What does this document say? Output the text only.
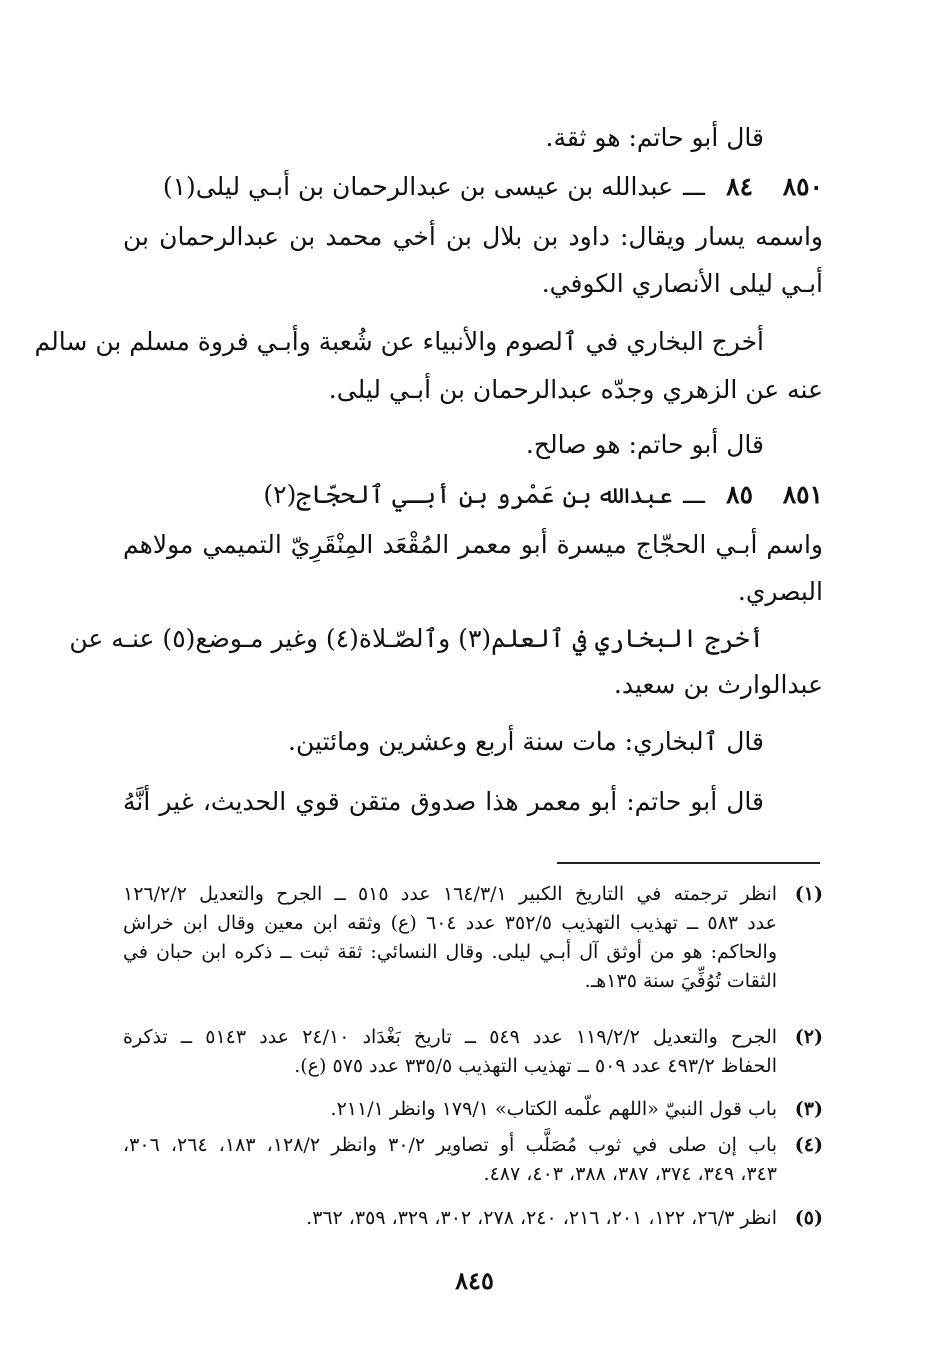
قال أبو حاتم: هو ثقة.
٨٥٠
٨٤
ـــ
عبدالله بن عيسى بن عبدالرحمان بن أبـي ليلى(١)
واسمه يسار ويقال: داود بن بلال بن أخي محمد بن عبدالرحمان بن
أبـي ليلى الأنصاري الكوفي.
أخرج البخاري في ٱلصوم والأنبياء عن شُعبة وأبـي فروة مسلم بن سالم
عنه عن الزهري وجدّه عبدالرحمان بن أبـي ليلى.
قال أبو حاتم: هو صالح.
٨٥١
٨٥
ـــ
عبدالله بن عَمْرو بن أبـي ٱلحجّاج(٢)
واسم أبـي الحجّاج ميسرة أبو معمر المُقْعَد المِنْقَرِيّ التميمي مولاهم
البصري.
أخرج البخاري في ٱلعلم(٣) وٱلصّـلاة(٤) وغير مـوضع(٥) عنـه عن
عبدالوارث بن سعيد.
قال ٱلبخاري: مات سنة أربع وعشرين ومائتين.
قال أبو حاتم: أبو معمر هذا صدوق متقن قوي الحديث، غير أنَّهُ
(١)
انظر ترجمته في التاريخ الكبير ١٦٤/٣/١ عدد ٥١٥ ــ الجرح والتعديل ١٢٦/٢/٢
عدد ٥٨٣ ــ تهذيب التهذيب ٣٥٢/٥ عدد ٦٠٤ (ع) وثقه ابن معين وقال ابن خراش
والحاكم: هو من أوثق آل أبـي ليلى. وقال النسائي: ثقة ثبت ــ ذكره ابن حبان في
الثقات تُوُفِّيَ سنة ١٣٥هـ.
(٢)
الجرح والتعديل ١١٩/٢/٢ عدد ٥٤٩ ــ تاريخ بَغْدَاد ٢٤/١٠ عدد ٥١٤٣ ــ تذكرة
الحفاظ ٤٩٣/٢ عدد ٥٠٩ ــ تهذيب التهذيب ٣٣٥/٥ عدد ٥٧٥ (ع).
(٣)
باب قول النبيّ «اللهم علّمه الكتاب» ١٧٩/١ وانظر ٢١١/١.
(٤)
باب إن صلى في ثوب مُصَلَّب أو تصاوير ٣٠/٢ وانظر ١٢٨/٢، ١٨٣، ٢٦٤، ٣٠٦،
٣٤٣، ٣٤٩، ٣٧٤، ٣٨٧، ٣٨٨، ٤٠٣، ٤٨٧.
(٥)
انظر ٢٦/٣، ١٢٢، ٢٠١، ٢١٦، ٢٤٠، ٢٧٨، ٣٠٢، ٣٢٩، ٣٥٩، ٣٦٢.
٨٤٥
